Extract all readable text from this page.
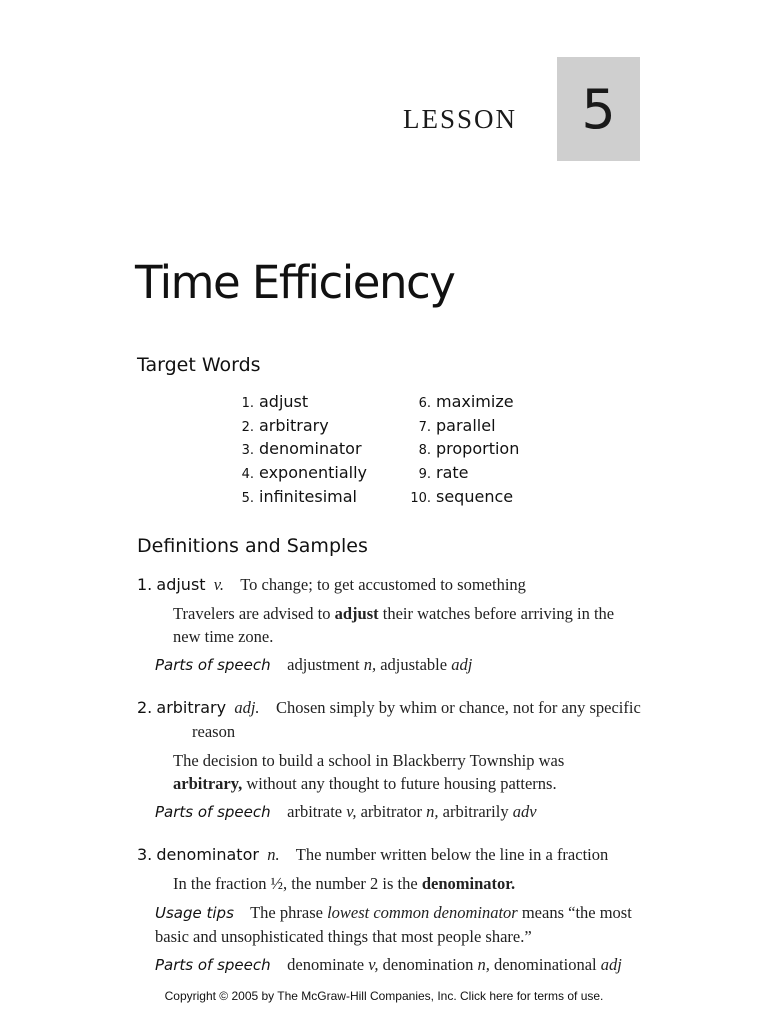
LESSON	5
Time Efficiency
Target Words
1. adjust
2. arbitrary
3. denominator
4. exponentially
5. infinitesimal
6. maximize
7. parallel
8. proportion
9. rate
10. sequence
Definitions and Samples
1. adjust v. To change; to get accustomed to something
Travelers are advised to adjust their watches before arriving in the
new time zone.
Parts of speech adjustment n, adjustable adj
2. arbitrary adj. Chosen simply by whim or chance, not for any specific
reason
The decision to build a school in Blackberry Township was
arbitrary, without any thought to future housing patterns.
Parts of speech arbitrate v, arbitrator n, arbitrarily adv
3. denominator n. The number written below the line in a fraction
In the fraction ½, the number 2 is the denominator.
Usage tips The phrase lowest common denominator means “the most
basic and unsophisticated things that most people share.”
Parts of speech denominate v, denomination n, denominational adj
Copyright © 2005 by The McGraw-Hill Companies, Inc. Click here for terms of use.
